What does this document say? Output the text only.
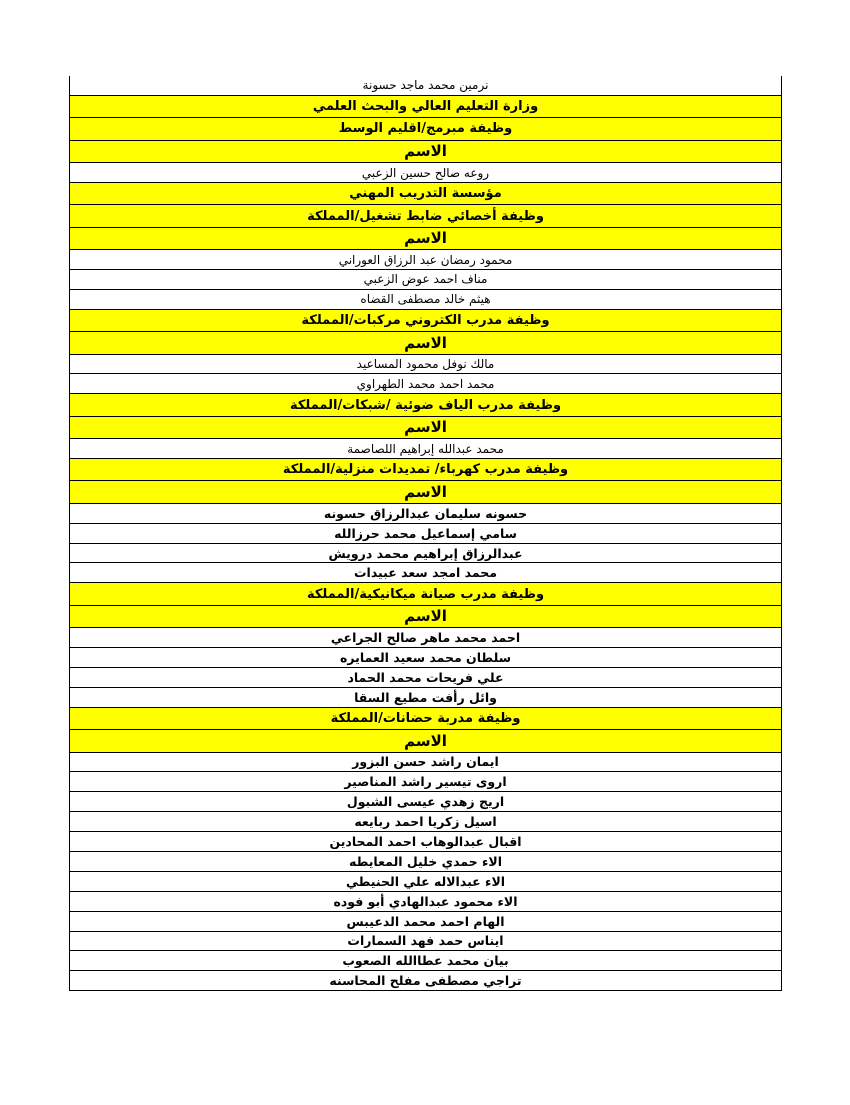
نرمين محمد ماجد حسونة
وزارة التعليم العالي والبحث العلمي
وظيفة مبرمج/اقليم الوسط
الاسم
روعه صالح حسين الزعبي
مؤسسة التدريب المهني
وظيفة أخصائي ضابط تشغيل/المملكة
الاسم
محمود رمضان عبد الرزاق العوراني
مناف احمد عوض الزعبي
هيثم خالد مصطفى القضاه
وظيفة مدرب الكتروني مركبات/المملكة
الاسم
مالك نوفل محمود المساعيد
محمد احمد محمد الطهراوي
وظيفة مدرب الياف ضوئية /شبكات/المملكة
الاسم
محمد عبدالله إبراهيم اللصاصمة
وظيفة مدرب كهرباء/ تمديدات منزلية/المملكة
الاسم
حسونه سليمان عبدالرزاق حسونه
سامي إسماعيل محمد حرزالله
عبدالرزاق إبراهيم محمد درويش
محمد امجد سعد عبيدات
وظيفة مدرب صيانة ميكانيكية/المملكة
الاسم
احمد محمد ماهر صالح الجراعي
سلطان محمد سعيد العمايره
علي فريحات محمد الحماد
وائل رأفت مطيع السقا
وظيفة مدربة حضانات/المملكة
الاسم
ايمان راشد حسن البزور
اروى تيسير راشد المناصير
اريج زهدي عيسى الشبول
اسيل زكريا احمد ربايعه
اقبال عبدالوهاب احمد المحادين
الاء حمدي خليل المعايطه
الاء عبدالاله علي الحنيطي
الاء محمود عبدالهادي أبو فوده
الهام احمد محمد الدعيبس
ايناس حمد فهد السمارات
بيان محمد عطاالله الصعوب
تراجي مصطفى مفلح المحاسنه
